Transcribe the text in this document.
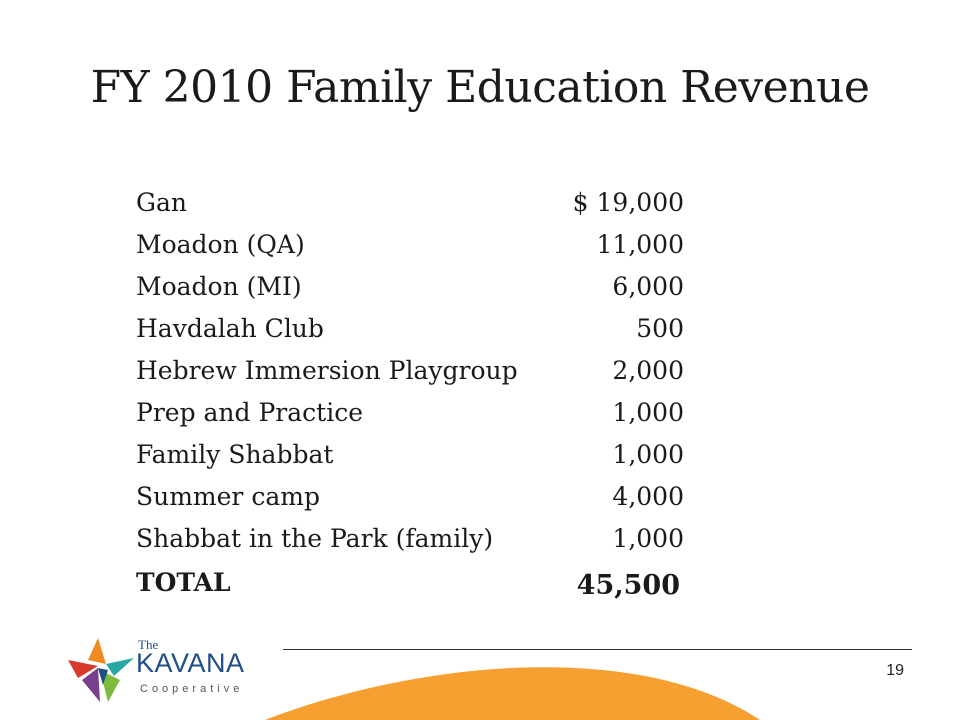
FY 2010 Family Education Revenue
Gan	$ 19,000
Moadon (QA)	11,000
Moadon (MI)	6,000
Havdalah Club	500
Hebrew Immersion Playgroup	2,000
Prep and Practice	1,000
Family Shabbat	1,000
Summer camp	4,000
Shabbat in the Park (family)	1,000
TOTAL	45,500
19
The
KAVANA
Cooperative
